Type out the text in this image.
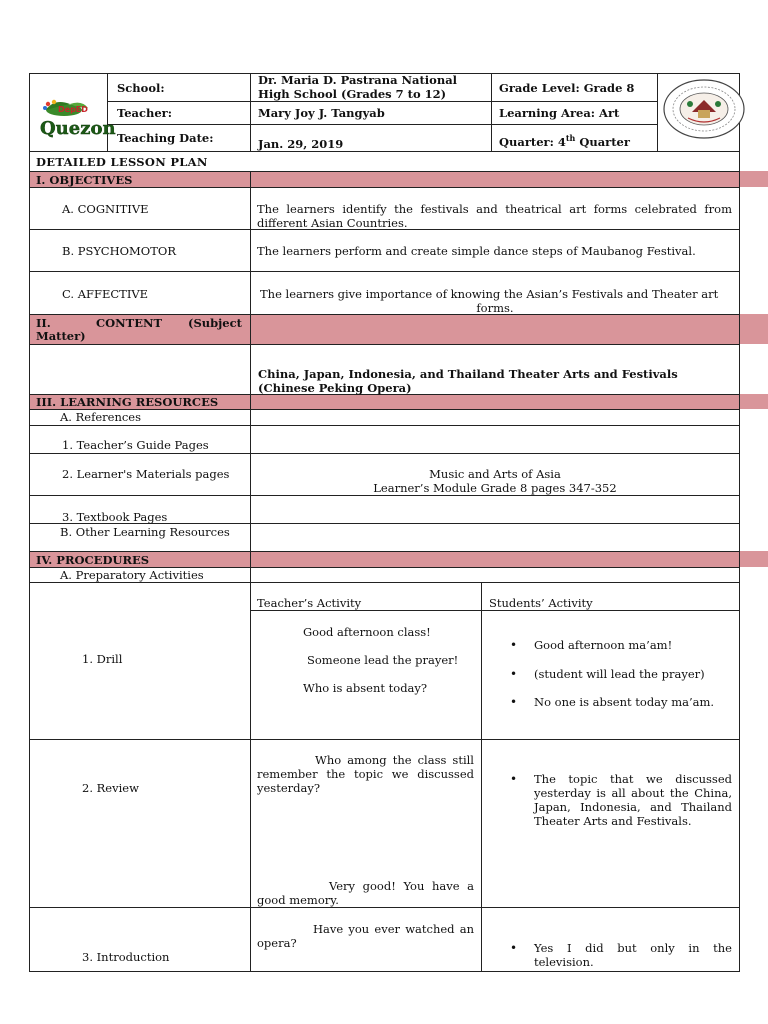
DepED
Quezon
School:
Dr. Maria D. Pastrana National
High School (Grades 7 to 12)
Teacher:	Mary Joy J. Tangyab
Teaching Date:	Jan. 29, 2019
Grade Level: Grade 8
Learning Area: Art
Quarter: 4th Quarter
DETAILED LESSON PLAN
I. OBJECTIVES
A. COGNITIVE	The learners identify the festivals and theatrical art forms celebrated from different Asian Countries.
B. PSYCHOMOTOR	The learners perform and create simple dance steps of Maubanog Festival.
C. AFFECTIVE	The learners give importance of knowing the Asian’s Festivals and Theater art
forms.
II.	CONTENT (Subject
Matter)
China, Japan, Indonesia, and Thailand Theater Arts and Festivals
(Chinese Peking Opera)
III. LEARNING RESOURCES
A. References
1. Teacher’s Guide Pages
2. Learner's Materials pages	Music and Arts of Asia
Learner’s Module Grade 8 pages 347-352
3. Textbook Pages
B. Other Learning Resources
IV. PROCEDURES
A. Preparatory Activities
Teacher’s Activity	Students’ Activity
1. Drill
Good afternoon class!
Someone lead the prayer!
Who is absent today?
• Good afternoon ma’am!
• (student will lead the prayer)
• No one is absent today ma’am.
2. Review
Who among the class still remember the topic we discussed yesterday?
Very good! You have a good memory.
• The topic that we discussed yesterday is all about the China, Japan, Indonesia, and Thailand Theater Arts and Festivals.
3. Introduction
Have you ever watched an opera?
•	Yes I did but only in the television.
